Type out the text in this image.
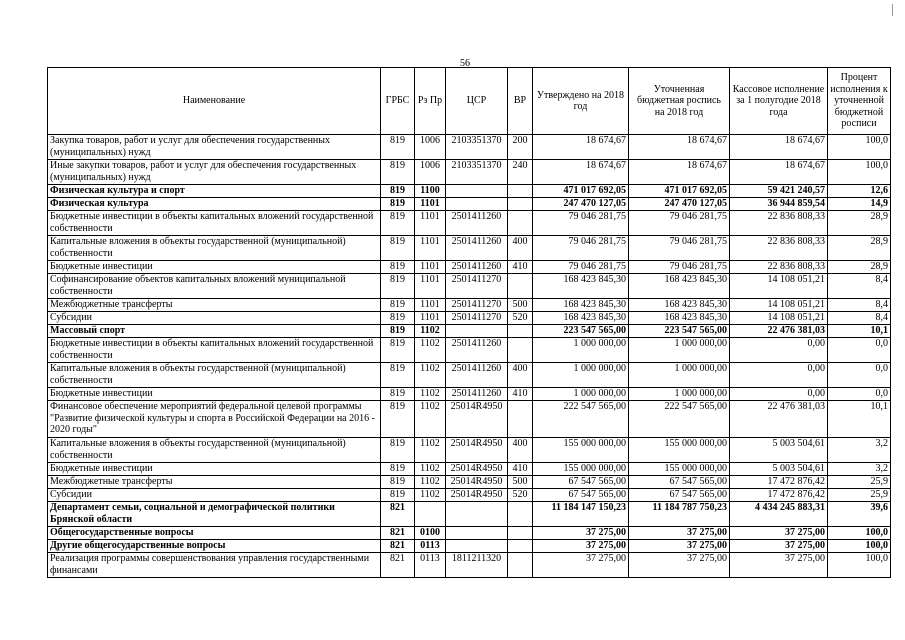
56
Наименование	ГРБС	Рз Пр	ЦСР	ВР	Утверждено на 2018 год	Уточненная бюджетная роспись на 2018 год	Кассовое исполнение за 1 полугодие 2018 года	Процент исполнения к уточненной бюджетной росписи
Закупка товаров, работ и услуг для обеспечения государственных (муниципальных) нужд	819	1006	2103351370	200	18 674,67	18 674,67	18 674,67	100,0
Иные закупки товаров, работ и услуг для обеспечения государственных (муниципальных) нужд	819	1006	2103351370	240	18 674,67	18 674,67	18 674,67	100,0
Физическая культура и спорт	819	1100			471 017 692,05	471 017 692,05	59 421 240,57	12,6
Физическая культура	819	1101			247 470 127,05	247 470 127,05	36 944 859,54	14,9
Бюджетные инвестиции в объекты капитальных вложений государственной собственности	819	1101	2501411260		79 046 281,75	79 046 281,75	22 836 808,33	28,9
Капитальные вложения в объекты государственной (муниципальной) собственности	819	1101	2501411260	400	79 046 281,75	79 046 281,75	22 836 808,33	28,9
Бюджетные инвестиции	819	1101	2501411260	410	79 046 281,75	79 046 281,75	22 836 808,33	28,9
Софинансирование объектов капитальных вложений муниципальной собственности	819	1101	2501411270		168 423 845,30	168 423 845,30	14 108 051,21	8,4
Межбюджетные трансферты	819	1101	2501411270	500	168 423 845,30	168 423 845,30	14 108 051,21	8,4
Субсидии	819	1101	2501411270	520	168 423 845,30	168 423 845,30	14 108 051,21	8,4
Массовый спорт	819	1102			223 547 565,00	223 547 565,00	22 476 381,03	10,1
Бюджетные инвестиции в объекты капитальных вложений государственной собственности	819	1102	2501411260		1 000 000,00	1 000 000,00	0,00	0,0
Капитальные вложения в объекты государственной (муниципальной) собственности	819	1102	2501411260	400	1 000 000,00	1 000 000,00	0,00	0,0
Бюджетные инвестиции	819	1102	2501411260	410	1 000 000,00	1 000 000,00	0,00	0,0
Финансовое обеспечение мероприятий федеральной целевой программы "Развитие физической культуры и спорта в Российской Федерации на 2016 - 2020 годы"	819	1102	25014R4950		222 547 565,00	222 547 565,00	22 476 381,03	10,1
Капитальные вложения в объекты государственной (муниципальной) собственности	819	1102	25014R4950	400	155 000 000,00	155 000 000,00	5 003 504,61	3,2
Бюджетные инвестиции	819	1102	25014R4950	410	155 000 000,00	155 000 000,00	5 003 504,61	3,2
Межбюджетные трансферты	819	1102	25014R4950	500	67 547 565,00	67 547 565,00	17 472 876,42	25,9
Субсидии	819	1102	25014R4950	520	67 547 565,00	67 547 565,00	17 472 876,42	25,9
Департамент семьи, социальной и демографической политики Брянской области	821				11 184 147 150,23	11 184 787 750,23	4 434 245 883,31	39,6
Общегосударственные вопросы	821	0100			37 275,00	37 275,00	37 275,00	100,0
Другие общегосударственные вопросы	821	0113			37 275,00	37 275,00	37 275,00	100,0
Реализация программы совершенствования управления государственными финансами	821	0113	1811211320		37 275,00	37 275,00	37 275,00	100,0
